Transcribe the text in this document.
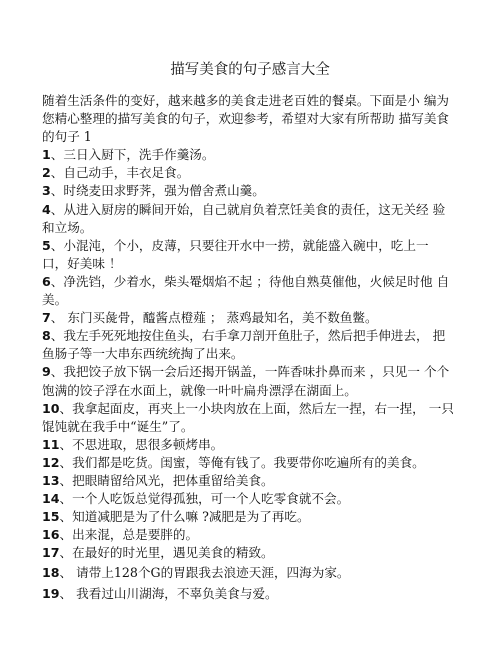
描写美食的句子感言大全

随着生活条件的变好，越来越多的美食走进老百姓的餐桌。下面是小 编为您精心整理的描写美食的句子，欢迎参考，希望对大家有所帮助 描写美食的句子 1

1、三日入厨下，洗手作羹汤。

2、自己动手，丰衣足食。

3、时绕麦田求野荠，强为僧舍煮山羹。

4、从进入厨房的瞬间开始，自己就肩负着烹饪美食的责任，这无关经 验和立场。

5、小混沌，个小，皮薄，只要往开水中一捞，就能盛入碗中，吃上一 口，好美味 ！

6、净洗铛，少着水，柴头罨烟焰不起 ；待他自熟莫催他，火候足时他 自美。

7、 东门买彘骨，醯酱点橙薤 ； 蒸鸡最知名，美不数鱼鳖。

8、我左手死死地按住鱼头，右手拿刀剖开鱼肚子，然后把手伸进去， 把鱼肠子等一大串东西统统掏了出来。

9、我把饺子放下锅一会后还揭开锅盖，一阵香味扑鼻而来 ，只见一 个个饱满的饺子浮在水面上，就像一叶叶扁舟漂浮在湖面上。

10、我拿起面皮，再夹上一小块肉放在上面，然后左一捏，右一捏， 一只馄饨就在我手中“诞生”了。

11、不思进取，思很多顿烤串。

12、我们都是吃货。闺蜜，等俺有钱了。我要带你吃遍所有的美食。

13、把眼睛留给风光，把体重留给美食。

14、一个人吃饭总觉得孤独，可一个人吃零食就不会。

15、知道减肥是为了什么嘛 ?减肥是为了再吃。

16、出来混，总是要胖的。

17、在最好的时光里，遇见美食的精致。

18、 请带上128个G的胃跟我去浪迹天涯，四海为家。

19、 我看过山川湖海，不辜负美食与爱。
